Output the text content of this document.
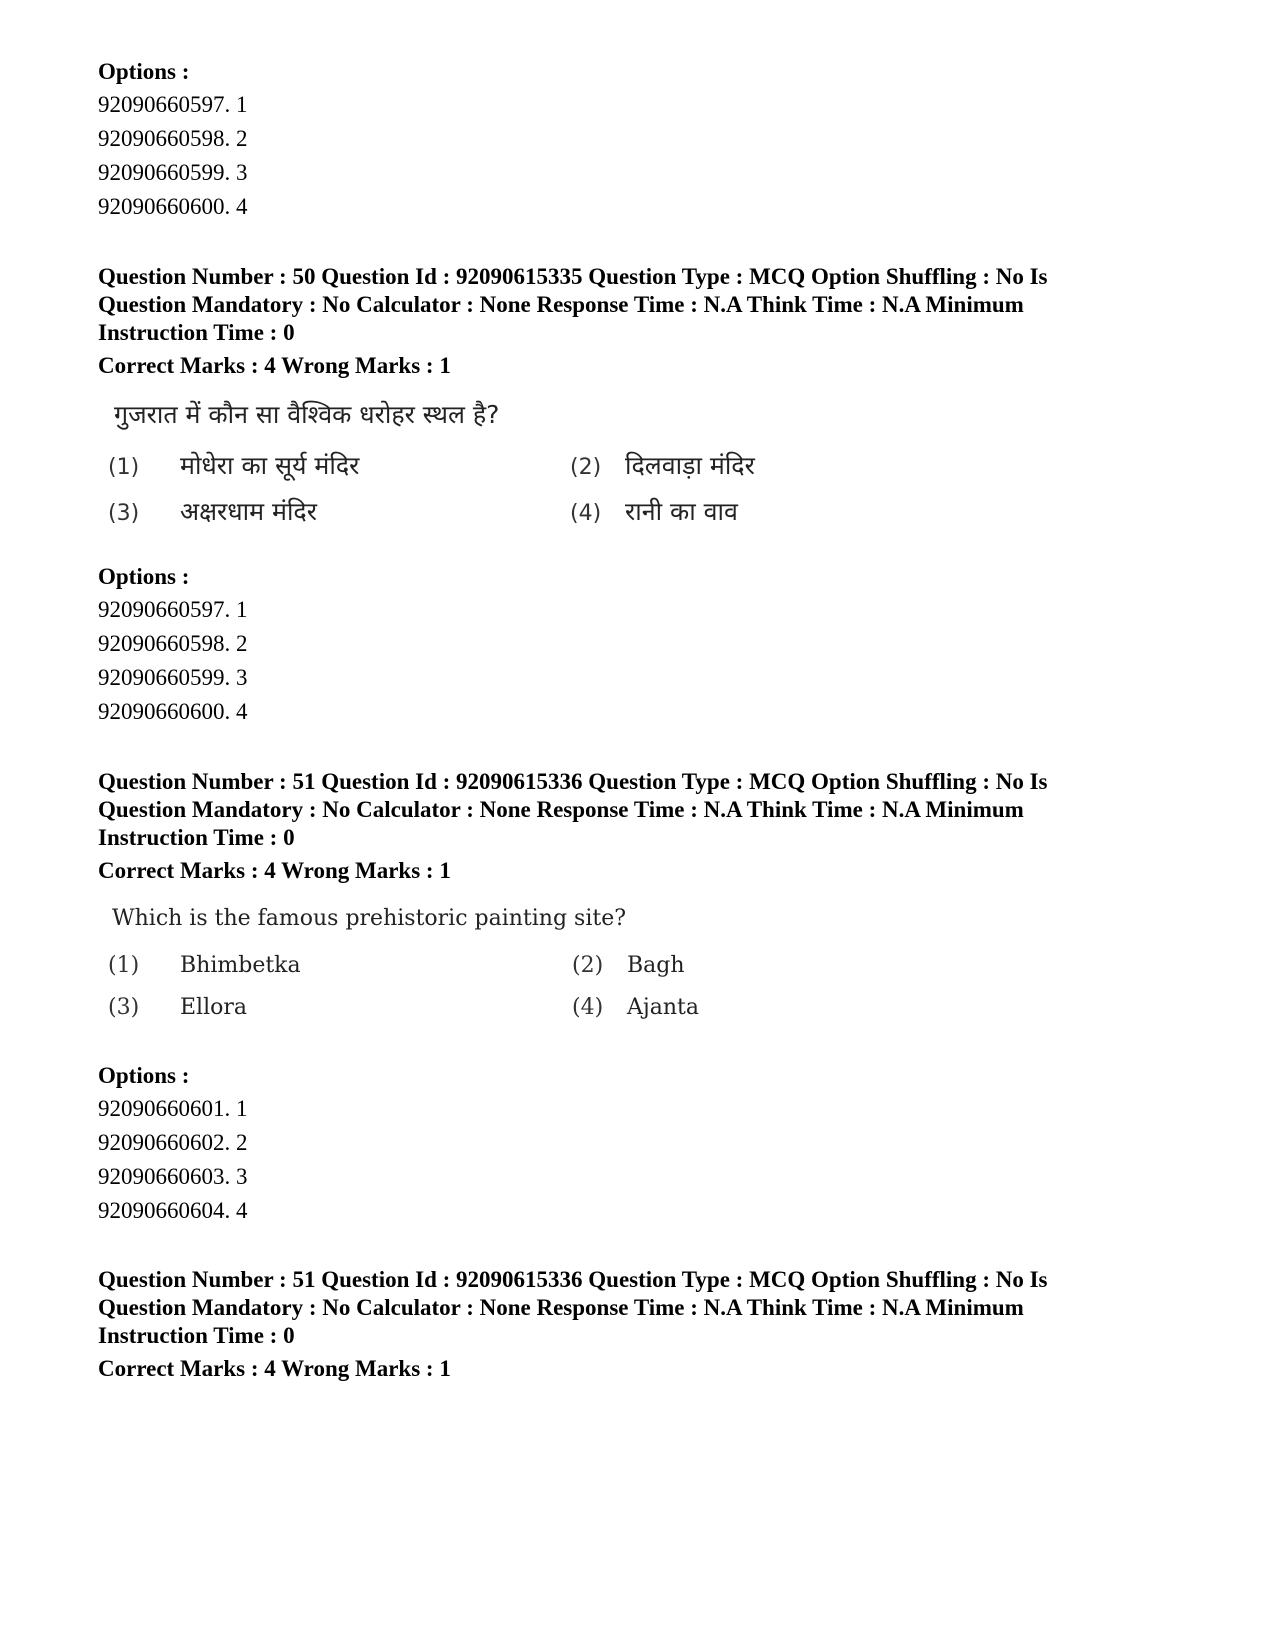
Options :
92090660597. 1
92090660598. 2
92090660599. 3
92090660600. 4
Question Number : 50 Question Id : 92090615335 Question Type : MCQ Option Shuffling : No Is
Question Mandatory : No Calculator : None Response Time : N.A Think Time : N.A Minimum
Instruction Time : 0
Correct Marks : 4 Wrong Marks : 1
गुजरात में कौन सा वैश्विक धरोहर स्थल है?
(1)	मोधेरा का सूर्य मंदिर	(2) दिलवाड़ा मंदिर
(3)	अक्षरधाम मंदिर	(4) रानी का वाव
Options :
92090660597. 1
92090660598. 2
92090660599. 3
92090660600. 4
Question Number : 51 Question Id : 92090615336 Question Type : MCQ Option Shuffling : No Is
Question Mandatory : No Calculator : None Response Time : N.A Think Time : N.A Minimum
Instruction Time : 0
Correct Marks : 4 Wrong Marks : 1
Which is the famous prehistoric painting site?
(1)	Bhimbetka	(2)	Bagh
(3)	Ellora	(4)	Ajanta
Options :
92090660601. 1
92090660602. 2
92090660603. 3
92090660604. 4
Question Number : 51 Question Id : 92090615336 Question Type : MCQ Option Shuffling : No Is
Question Mandatory : No Calculator : None Response Time : N.A Think Time : N.A Minimum
Instruction Time : 0
Correct Marks : 4 Wrong Marks : 1
